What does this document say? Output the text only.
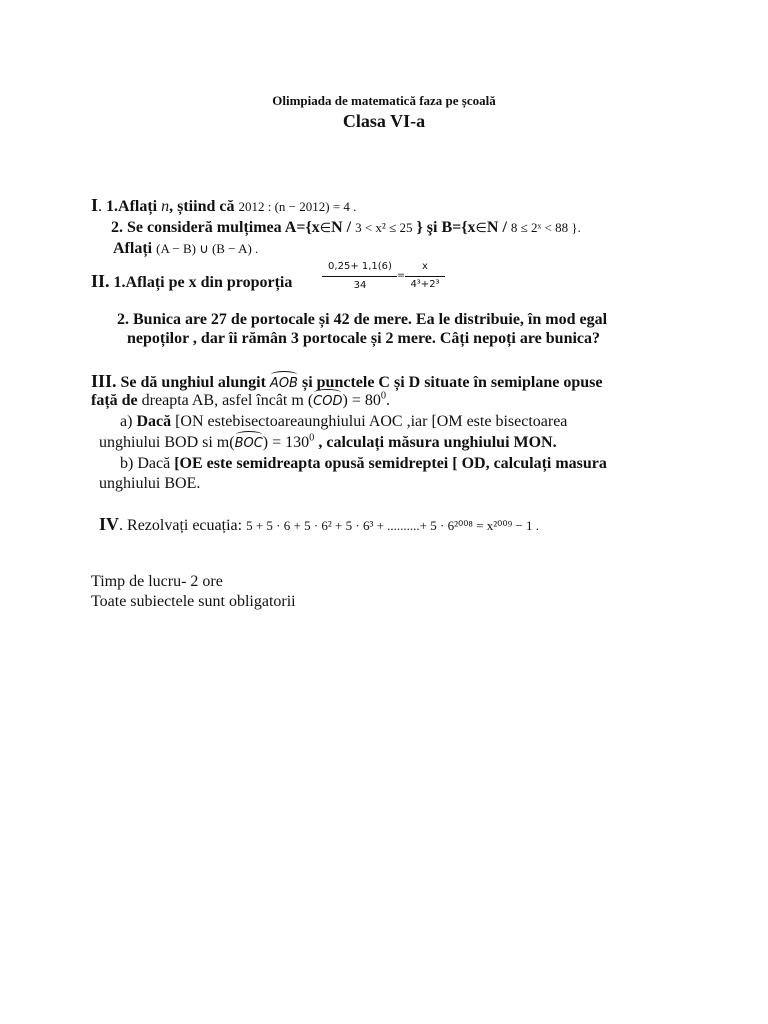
Olimpiada de matematică faza pe școală
Clasa VI-a
I. 1.Aflați n, știind că 2012 : (n − 2012) = 4 .
2. Se consideră mulțimea A={x∈N / 3 < x² ≤ 25 } şi B={x∈N / 8 ≤ 2ˣ < 88 }.
Aflați (A − B) ∪ (B − A) .
II. 1.Aflați pe x din proporția
0,25+ 1,1(6)
34
=
x
4³+2³
2. Bunica are 27 de portocale și 42 de mere. Ea le distribuie, în mod egal
nepoților , dar îi rămân 3 portocale și 2 mere. Câți nepoți are bunica?
III. Se dă unghiul alungit AOB și punctele C și D situate în semiplane opuse
față de dreapta AB, asfel încât m $(COD) = 80^0$.
a) Dacă [ON estebisectoareaunghiului AOC ,iar [OM este bisectoarea
unghiului BOD si $m(BOC) = 130^0$ , calculați măsura unghiului MON.
b) Dacă [OE este semidreapta opusă semidreptei [ OD, calculați masura
unghiului BOE.
IV. Rezolvați ecuația: 5 + 5 · 6 + 5 · 6² + 5 · 6³ + ..........+ 5 · 6²⁰⁰⁸ = x²⁰⁰⁹ − 1 .
Timp de lucru- 2 ore
Toate subiectele sunt obligatorii
